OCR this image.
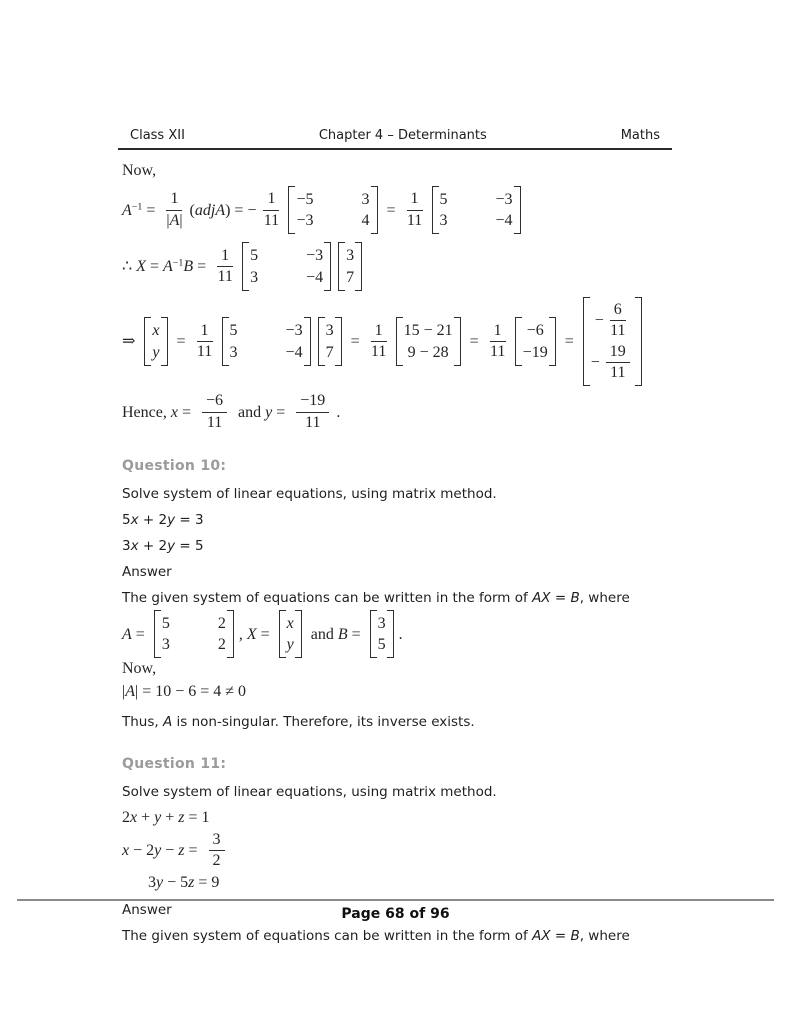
Class XII	Chapter 4 – Determinants	Maths

Now,

$A^{-1} = \frac{1}{|A|}$ (adjA) = − $\frac{1}{11} -5$	3
−3	4
= $\frac{1}{11} 5$	−3
3	−4
∴ $X = A^{-1}B = \frac{1}{11} 5$	−3
3	−4
3
7
⇒
x
y
= $\frac{1}{11} 5$	−3
3	−4
3
7
= $\frac{1}{11} 15 - 21$
9 − 28
= $\frac{1}{11} -6$
−19
=
− $\frac{6}{11}$
− $\frac{19}{11}$
Hence, $x = \frac{-6}{11}$ and $y = \frac{-19}{11}$ .

Question 10:

Solve system of linear equations, using matrix method.

5x + 2y = 3
3x + 2y = 5

Answer

The given system of equations can be written in the form of AX = B, where
A =
5	2
3	2
, X =
x
y
and B =
3
5
.

Now,

|A| = 10 − 6 = 4 ≠ 0
Thus, A is non-singular. Therefore, its inverse exists.

Question 11:

Solve system of linear equations, using matrix method.

2x + y + z = 1
$x - 2y - z = \frac{3}{2}$
3y − 5z = 9

Answer

The given system of equations can be written in the form of AX = B, where
Page 68 of 96
